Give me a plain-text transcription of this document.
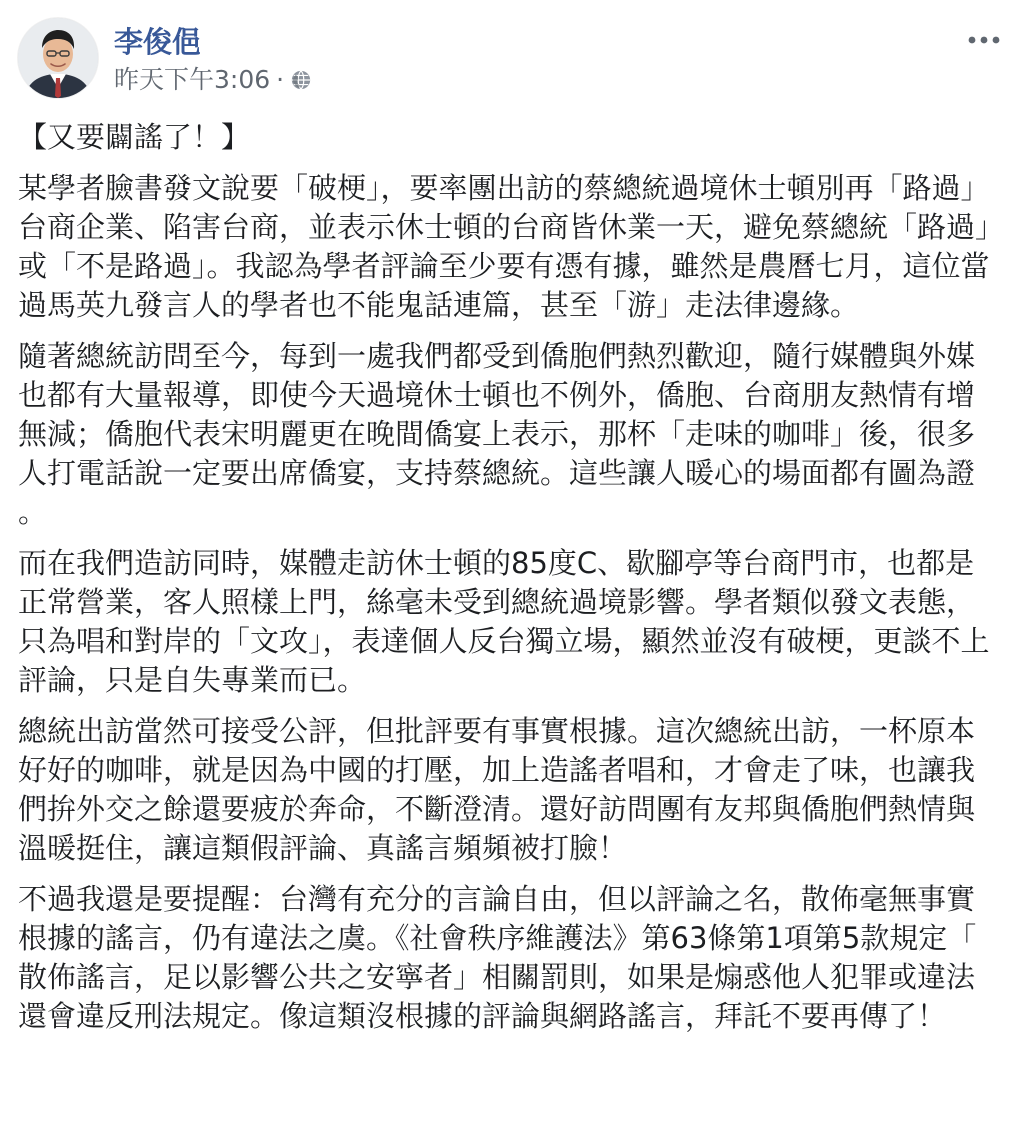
李俊俋
昨天下午3:06 ·

【又要闢謠了！】

某學者臉書發文說要「破梗」，要率團出訪的蔡總統過境休士頓別再「路過」台商企業、陷害台商，並表示休士頓的台商皆休業一天，避免蔡總統「路過」或「不是路過」。我認為學者評論至少要有憑有據，雖然是農曆七月，這位當過馬英九發言人的學者也不能鬼話連篇，甚至「游」走法律邊緣。

隨著總統訪問至今，每到一處我們都受到僑胞們熱烈歡迎，隨行媒體與外媒也都有大量報導，即使今天過境休士頓也不例外，僑胞、台商朋友熱情有增無減；僑胞代表宋明麗更在晚間僑宴上表示，那杯「走味的咖啡」後，很多人打電話說一定要出席僑宴，支持蔡總統。這些讓人暖心的場面都有圖為證。

而在我們造訪同時，媒體走訪休士頓的85度C、歇腳亭等台商門市，也都是正常營業，客人照樣上門，絲毫未受到總統過境影響。學者類似發文表態，只為唱和對岸的「文攻」，表達個人反台獨立場，顯然並沒有破梗，更談不上評論，只是自失專業而已。

總統出訪當然可接受公評，但批評要有事實根據。這次總統出訪，一杯原本好好的咖啡，就是因為中國的打壓，加上造謠者唱和，才會走了味，也讓我們拚外交之餘還要疲於奔命，不斷澄清。還好訪問團有友邦與僑胞們熱情與溫暖挺住，讓這類假評論、真謠言頻頻被打臉！

不過我還是要提醒：台灣有充分的言論自由，但以評論之名，散佈毫無事實根據的謠言，仍有違法之虞。《社會秩序維護法》第63條第1項第5款規定「散佈謠言，足以影響公共之安寧者」相關罰則，如果是煽惑他人犯罪或違法還會違反刑法規定。像這類沒根據的評論與網路謠言，拜託不要再傳了！
